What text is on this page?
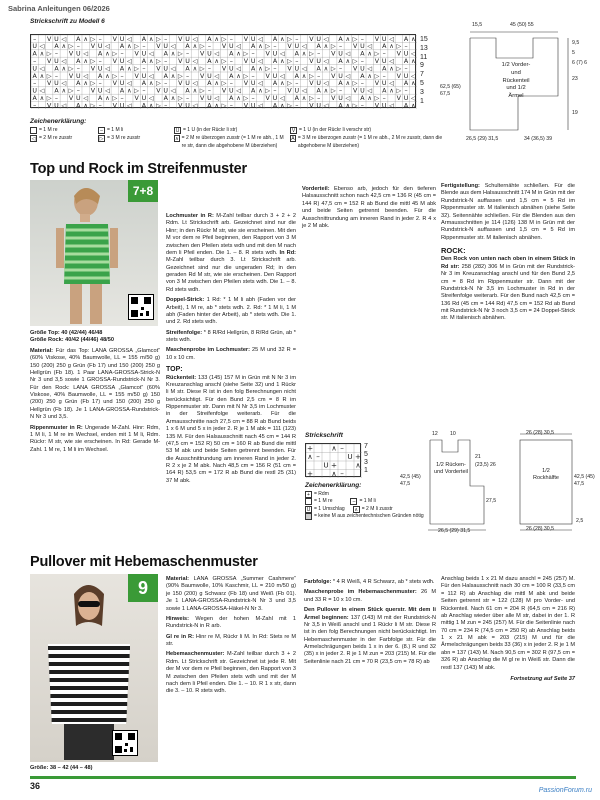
Sabrina Anleitungen 06/2026
Strickschrift zu Modell 6
– V U ◁ A ∧ ▷ – V U ◁ A ∧ ▷ – V U ◁ A ∧ ▷ – V U ◁ A ∧ ▷ – V U ◁ A ∧ ▷ – V U ◁ A ∧
U ◁ A ∧ ▷ – V U ◁ A ∧ ▷ – V U ◁ A ∧ ▷ – V U ◁ A ∧ ▷ – V U ◁ A ∧ ▷ – V U ◁ A ∧ ▷ –
A ∧ ▷ – V U ◁ A ∧ ▷ – V U ◁ A ∧ ▷ – V U ◁ A ∧ ▷ – V U ◁ A ∧ ▷ – V U ◁ A ∧ ▷ – V U ◁
– V U ◁ A ∧ ▷ – V U ◁ A ∧ ▷ – V U ◁ A ∧ ▷ – V U ◁ A ∧ ▷ – V U ◁ A ∧ ▷ – V U ◁ A ∧
U ◁ A ∧ ▷ – V U ◁ A ∧ ▷ – V U ◁ A ∧ ▷ – V U ◁ A ∧ ▷ – V U ◁ A ∧ ▷ – V U ◁ A ∧ ▷ –
A ∧ ▷ – V U ◁ A ∧ ▷ – V U ◁ A ∧ ▷ – V U ◁ A ∧ ▷ – V U ◁ A ∧ ▷ – V U ◁ A ∧ ▷ – V U ◁
– V U ◁ A ∧ ▷ – V U ◁ A ∧ ▷ – V U ◁ A ∧ ▷ – V U ◁ A ∧ ▷ – V U ◁ A ∧ ▷ – V U ◁ A ∧
U ◁ A ∧ ▷ – V U ◁ A ∧ ▷ – V U ◁ A ∧ ▷ – V U ◁ A ∧ ▷ – V U ◁ A ∧ ▷ – V U ◁ A ∧ ▷ –
A ∧ ▷ – V U ◁ A ∧ ▷ – V U ◁ A ∧ ▷ – V U ◁ A ∧ ▷ – V U ◁ A ∧ ▷ – V U ◁ A ∧ ▷ – V U ◁
– V U ◁ A ∧ ▷ – V U ◁ A ∧ ▷ – V U ◁ A ∧ ▷ – V U ◁ A ∧ ▷ – V U ◁ A ∧ ▷ – V U ◁ A ∧
15
13
11
9
7
5
3
1
Zeichenerklärung:
= 1 M re	– = 1 M li	U = 1 U (in der Rückr li str)	V = 1 U (in der Rückr li verschr str)
◁ = 2 M re zusstr	▷ = 3 M re zusstr	∧ = 2 M re überzogen zusstr (= 1 M re abh., 1 M re str, dann die abgehobene M überziehen)
A = 3 M re überzogen zusstr (= 1 M re abh., 2 M re zusstr, dann die abgehobene M überziehen)
15,5	45 (50) 55
9,5
5
6 (7) 6
62,5 (65) 67,5
23
19
1/2 Vorder- und Rückenteil und 1/2 Ärmel
26,5 (29) 31,5	34 (36,5) 39
Top und Rock im Streifenmuster
7+8

Größe Top: 40 (42/44) 46/48

Größe Rock: 40/42 (44/46) 48/50

Material: Für das Top: LANA GROSSA „Glamcot“ (60% Viskose, 40% Baumwolle, LL = 155 m/50 g) 150 (200) 250 g Grün (Fb 17) und 150 (200) 250 g Hellgrün (Fb 18). 1 Paar LANA-GROSSA-Strick-N Nr 3 und 3,5 sowie 1 GROSSA-Rundstrick-N Nr 3. Für den Rock: LANA GROSSA „Glamcot“ (60% Viskose, 40% Baumwolle, LL = 155 m/50 g) 150 (200) 250 g Grün (Fb 17) und 150 (200) 250 g Hellgrün (Fb 18). Je 1 LANA-GROSSA-Rundstrick-N Nr 3 und 3,5.

Rippenmuster in R: Ungerade M-Zahl. Hinr: Rdm, 1 M li, 1 M re im Wechsel, enden mit 1 M li, Rdm. Rückr: M str, wie sie erscheinen. In Rd: Gerade M-Zahl. 1 M re, 1 M li im Wechsel.

Lochmuster in R: M-Zahl teilbar durch 3 + 2 + 2 Rdm. Lt Strickschrift arb. Gezeichnet sind nur die Hinr; in den Rückr M str, wie sie erscheinen. Mit den M vor dem re Pfeil beginnen, den Rapport von 3 M zwischen den Pfeilen stets wdh und mit den M nach dem li Pfeil enden. Die 1. – 8. R stets wdh. In Rd: M-Zahl teilbar durch 3. Lt Strickschrift arb. Gezeichnet sind nur die ungeraden Rd; in den geraden Rd M str, wie sie erscheinen. Den Rapport von 3 M zwischen den Pfeilen stets wdh. Die 1. – 8. Rd stets wdh.

Doppel-Strick: 1 Rd: * 1 M li abh (Faden vor der Arbeit), 1 M re, ab * stets wdh. 2. Rd: * 1 M li, 1 M abh (Faden hinter der Arbeit), ab * stets wdh. Die 1. und 2. Rd stets wdh.

Streifenfolge: * 8 R/Rd Hellgrün, 8 R/Rd Grün, ab * stets wdh.

Maschenprobe im Lochmuster: 25 M und 32 R = 10 x 10 cm.

TOP:

Rückenteil: 133 (145) 157 M in Grün mit N Nr 3 im Kreuzanschlag anschl (siehe Seite 32) und 1 Rückr li M str. Diese R ist in den folg Berechnungen nicht berücksichtigt. Für den Bund 2,5 cm = 8 R im Rippenmuster str. Dann mit N Nr 3,5 im Lochmuster in der Streifenfolge weiterarb. Für die Armausschnitte nach 27,5 cm = 88 R ab Bund beids 1 x 6 M und 5 x in jeder 2. R je 1 M abk = 111 (123) 135 M. Für den Halsausschnitt nach 45 cm = 144 R (47,5 cm = 152 R) 50 cm = 160 R ab Bund die mittl 53 M abk und beide Seiten getrennt beenden. Für die Ausschnittrundung am inneren Rand in jeder 2. R 2 x je 2 M abk. Nach 48,5 cm = 156 R (51 cm = 164 R) 53,5 cm = 172 R ab Bund die restl 25 (31) 37 M abk.

Vorderteil: Ebenso arb, jedoch für den tieferen Halsausschnitt schon nach 42,5 cm = 136 R (45 cm = 144 R) 47,5 cm = 152 R ab Bund die mittl 45 M abk und beide Seiten getrennt beenden. Für die Ausschnittrundung am inneren Rand in jeder 2. R 4 x je 2 M abk.

Strickschrift
+	∧ –
∧ –	U +
U +	∧
+	∧ –
7
5
3
1
Zeichenerklärung:
+ = Rdm
= 1 M re	– = 1 M li
U = 1 Umschlag	∧ = 2 M li zusstr
= keine M aus zeichentechnischen Gründen nötig

Fertigstellung: Schulternähte schließen. Für die Blende aus dem Halsausschnitt 174 M in Grün mit der Rundstrick-N auffassen und 1,5 cm = 5 Rd im Rippenmuster str. M italienisch abnähen (siehe Seite 32). Seitennähte schließen. Für die Blenden aus den Armausschnitten je 114 (126) 138 M in Grün mit der Rundstrick-N auffassen und 1,5 cm = 5 Rd im Rippenmuster str. M italienisch abnähen.

ROCK:

Den Rock von unten nach oben in einem Stück in Rd str: 258 (282) 306 M in Grün mit der Rundstrick-Nr 3 im Kreuzanschlag anschl und für den Bund 2,5 cm = 8 Rd im Rippenmuster str. Dann mit der Rundstrick-N Nr 3,5 im Lochmuster in Rd in der Streifenfolge weiterarb. Für den Bund nach 42,5 cm = 136 Rd (45 cm = 144 Rd) 47,5 cm = 152 Rd ab Bund mit Rundstrick-N Nr 3 noch 3,5 cm = 24 Doppel-Strick str. M italienisch abnähen.

12 10
21
(23,5) 26
42,5 (45) 47,5
27,5
1/2 Rücken- und Vorderteil
26,5 (29) 31,5
2,5
26 (28) 30,5
1/2 Rockhälfte	42,5 (45) 47,5
26 (28) 30,5
Pullover mit Hebemaschenmuster
9

Größe: 38 – 42 (44 – 48)

Material: LANA GROSSA „Summer Cashmere“ (90% Baumwolle, 10% Kaschmir, LL = 210 m/50 g) je 150 (200) g Schwarz (Fb 18) und Weiß (Fb 01). Je 1 LANA-GROSSA-Rundstrick-N Nr 3 und 3,5 sowie 1 LANA-GROSSA-Häkel-N Nr 3.

Hinweis: Wegen der hohen M-Zahl mit 1 Rundstrick-N in R arb.

Gl re in R: Hinr re M, Rückr li M. In Rd: Stets re M str.

Hebemaschenmuster: M-Zahl teilbar durch 3 + 2 Rdm. Lt Strickschrift str. Gezeichnet ist jede R. Mit der M vor dem re Pfeil beginnen, den Rapport von 3 M zwischen den Pfeilen stets wdh und mit der M nach dem li Pfeil enden. Die 1. – 10. R 1 x str, dann die 3. – 10. R stets wdh.

Farbfolge: * 4 R Weiß, 4 R Schwarz, ab * stets wdh.

Maschenprobe im Hebemaschenmuster: 26 M und 33 R = 10 x 10 cm.

Den Pullover in einem Stück querstr. Mit dem li Ärmel beginnen: 137 (143) M mit der Rundstrick-N Nr 3,5 in Weiß anschl und 1 Rückr li M str. Diese R ist in den folg Berechnungen nicht berücksichtigt. Im Hebemaschenmuster in der Farbfolge str. Für die Armelschrägungen beids 1 x in der 6. (8.) R und 32 (35) x in jeder 2. R je 1 M zun = 203 (215) M. Für die Seitenlinie nach 21 cm = 70 R (23,5 cm = 78 R) ab

Anschlag beids 1 x 21 M dazu anschl = 245 (257) M. Für den Halsausschnitt nach 30 cm = 100 R (33,5 cm = 112 R) ab Anschlag die mittl M abk und beide Seiten getrennt str = 122 (128) M pro Vorder- und Rückenteil. Nach 61 cm = 204 R (64,5 cm = 216 R) ab Anschlag wieder über alle M str, dabei in der 1. R mittig 1 M zun = 245 (257) M. Für die Seitenlinie nach 70 cm = 234 R (74,5 cm = 250 R) ab Anschlag beids 1 x 21 M abk = 203 (215) M und für die Ärmelschrägungen beids 33 (36) x in jeder 2. R je 1 M abn = 137 (143) M. Nach 90,5 cm = 302 R (97,5 cm = 326 R) ab Anschlag die M gl re in Weiß str. Dann die restl 137 (143) M abk.

Fortsetzung auf Seite 37

36	PassionForum.ru
